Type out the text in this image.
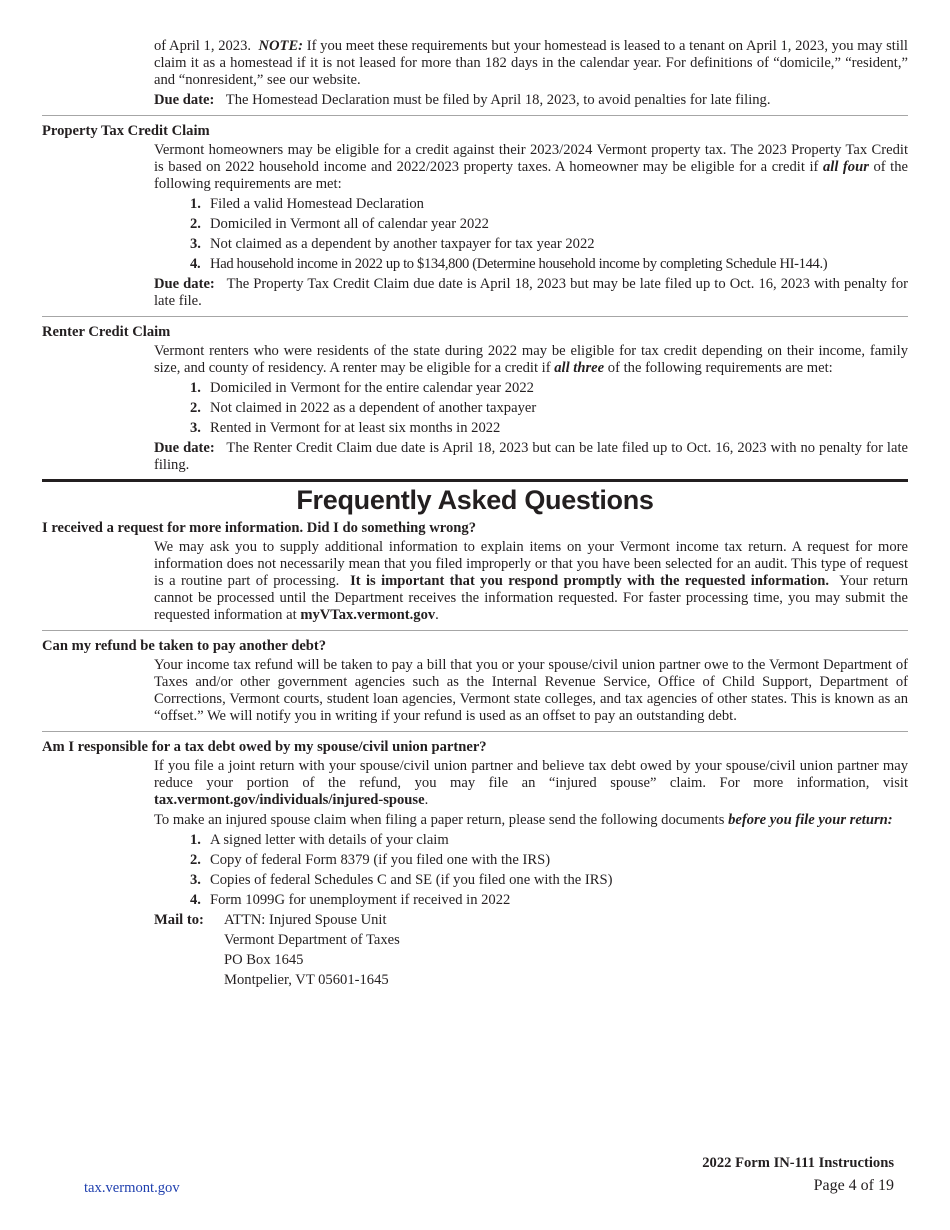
of April 1, 2023. NOTE: If you meet these requirements but your homestead is leased to a tenant on April 1, 2023, you may still claim it as a homestead if it is not leased for more than 182 days in the calendar year. For definitions of “domicile,” “resident,” and “nonresident,” see our website.

Due date: The Homestead Declaration must be filed by April 18, 2023, to avoid penalties for late filing.

Property Tax Credit Claim

Vermont homeowners may be eligible for a credit against their 2023/2024 Vermont property tax. The 2023 Property Tax Credit is based on 2022 household income and 2022/2023 property taxes. A homeowner may be eligible for a credit if all four of the following requirements are met:

1. Filed a valid Homestead Declaration
2. Domiciled in Vermont all of calendar year 2022
3. Not claimed as a dependent by another taxpayer for tax year 2022
4. Had household income in 2022 up to $134,800 (Determine household income by completing Schedule HI-144.)

Due date: The Property Tax Credit Claim due date is April 18, 2023 but may be late filed up to Oct. 16, 2023 with penalty for late file.

Renter Credit Claim

Vermont renters who were residents of the state during 2022 may be eligible for tax credit depending on their income, family size, and county of residency. A renter may be eligible for a credit if all three of the following requirements are met:

1. Domiciled in Vermont for the entire calendar year 2022
2. Not claimed in 2022 as a dependent of another taxpayer
3. Rented in Vermont for at least six months in 2022

Due date: The Renter Credit Claim due date is April 18, 2023 but can be late filed up to Oct. 16, 2023 with no penalty for late filing.

Frequently Asked Questions
I received a request for more information. Did I do something wrong?

We may ask you to supply additional information to explain items on your Vermont income tax return. A request for more information does not necessarily mean that you filed improperly or that you have been selected for an audit. This type of request is a routine part of processing. It is important that you respond promptly with the requested information. Your return cannot be processed until the Department receives the information requested. For faster processing time, you may submit the requested information at myVTax.vermont.gov.

Can my refund be taken to pay another debt?

Your income tax refund will be taken to pay a bill that you or your spouse/civil union partner owe to the Vermont Department of Taxes and/or other government agencies such as the Internal Revenue Service, Office of Child Support, Department of Corrections, Vermont courts, student loan agencies, Vermont state colleges, and tax agencies of other states. This is known as an “offset.” We will notify you in writing if your refund is used as an offset to pay an outstanding debt.

Am I responsible for a tax debt owed by my spouse/civil union partner?

If you file a joint return with your spouse/civil union partner and believe tax debt owed by your spouse/civil union partner may reduce your portion of the refund, you may file an “injured spouse” claim. For more information, visit tax.vermont.gov/individuals/injured-spouse.

To make an injured spouse claim when filing a paper return, please send the following documents before you file your return:

1. A signed letter with details of your claim
2. Copy of federal Form 8379 (if you filed one with the IRS)
3. Copies of federal Schedules C and SE (if you filed one with the IRS)
4. Form 1099G for unemployment if received in 2022
Mail to:	ATTN: Injured Spouse Unit
Vermont Department of Taxes
PO Box 1645
Montpelier, VT 05601-1645
2022 Form IN-111 Instructions
Page 4 of 19
tax.vermont.gov
